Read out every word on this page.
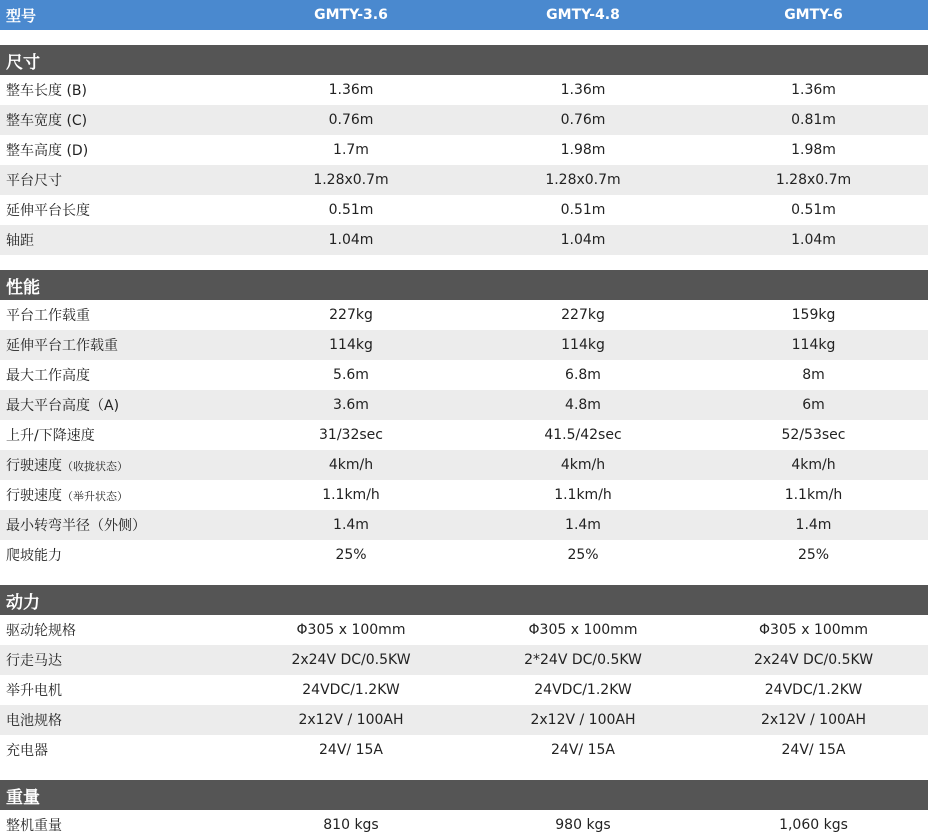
型号	GMTY-3.6	GMTY-4.8	GMTY-6
尺寸
整车长度 (B)	1.36m	1.36m	1.36m
整车宽度 (C)	0.76m	0.76m	0.81m
整车高度 (D)	1.7m	1.98m	1.98m
平台尺寸	1.28x0.7m	1.28x0.7m	1.28x0.7m
延伸平台长度	0.51m	0.51m	0.51m
轴距	1.04m	1.04m	1.04m
性能
平台工作载重	227kg	227kg	159kg
延伸平台工作载重	114kg	114kg	114kg
最大工作高度	5.6m	6.8m	8m
最大平台高度（A)	3.6m	4.8m	6m
上升/下降速度	31/32sec	41.5/42sec	52/53sec
行驶速度（收拢状态）	4km/h	4km/h	4km/h
行驶速度（举升状态）	1.1km/h	1.1km/h	1.1km/h
最小转弯半径（外侧）	1.4m	1.4m	1.4m
爬坡能力	25%	25%	25%
动力
驱动轮规格	Φ305 x 100mm	Φ305 x 100mm	Φ305 x 100mm
行走马达	2x24V DC/0.5KW	2*24V DC/0.5KW	2x24V DC/0.5KW
举升电机	24VDC/1.2KW	24VDC/1.2KW	24VDC/1.2KW
电池规格	2x12V / 100AH	2x12V / 100AH	2x12V / 100AH
充电器	24V/ 15A	24V/ 15A	24V/ 15A
重量
整机重量	810 kgs	980 kgs	1,060 kgs
